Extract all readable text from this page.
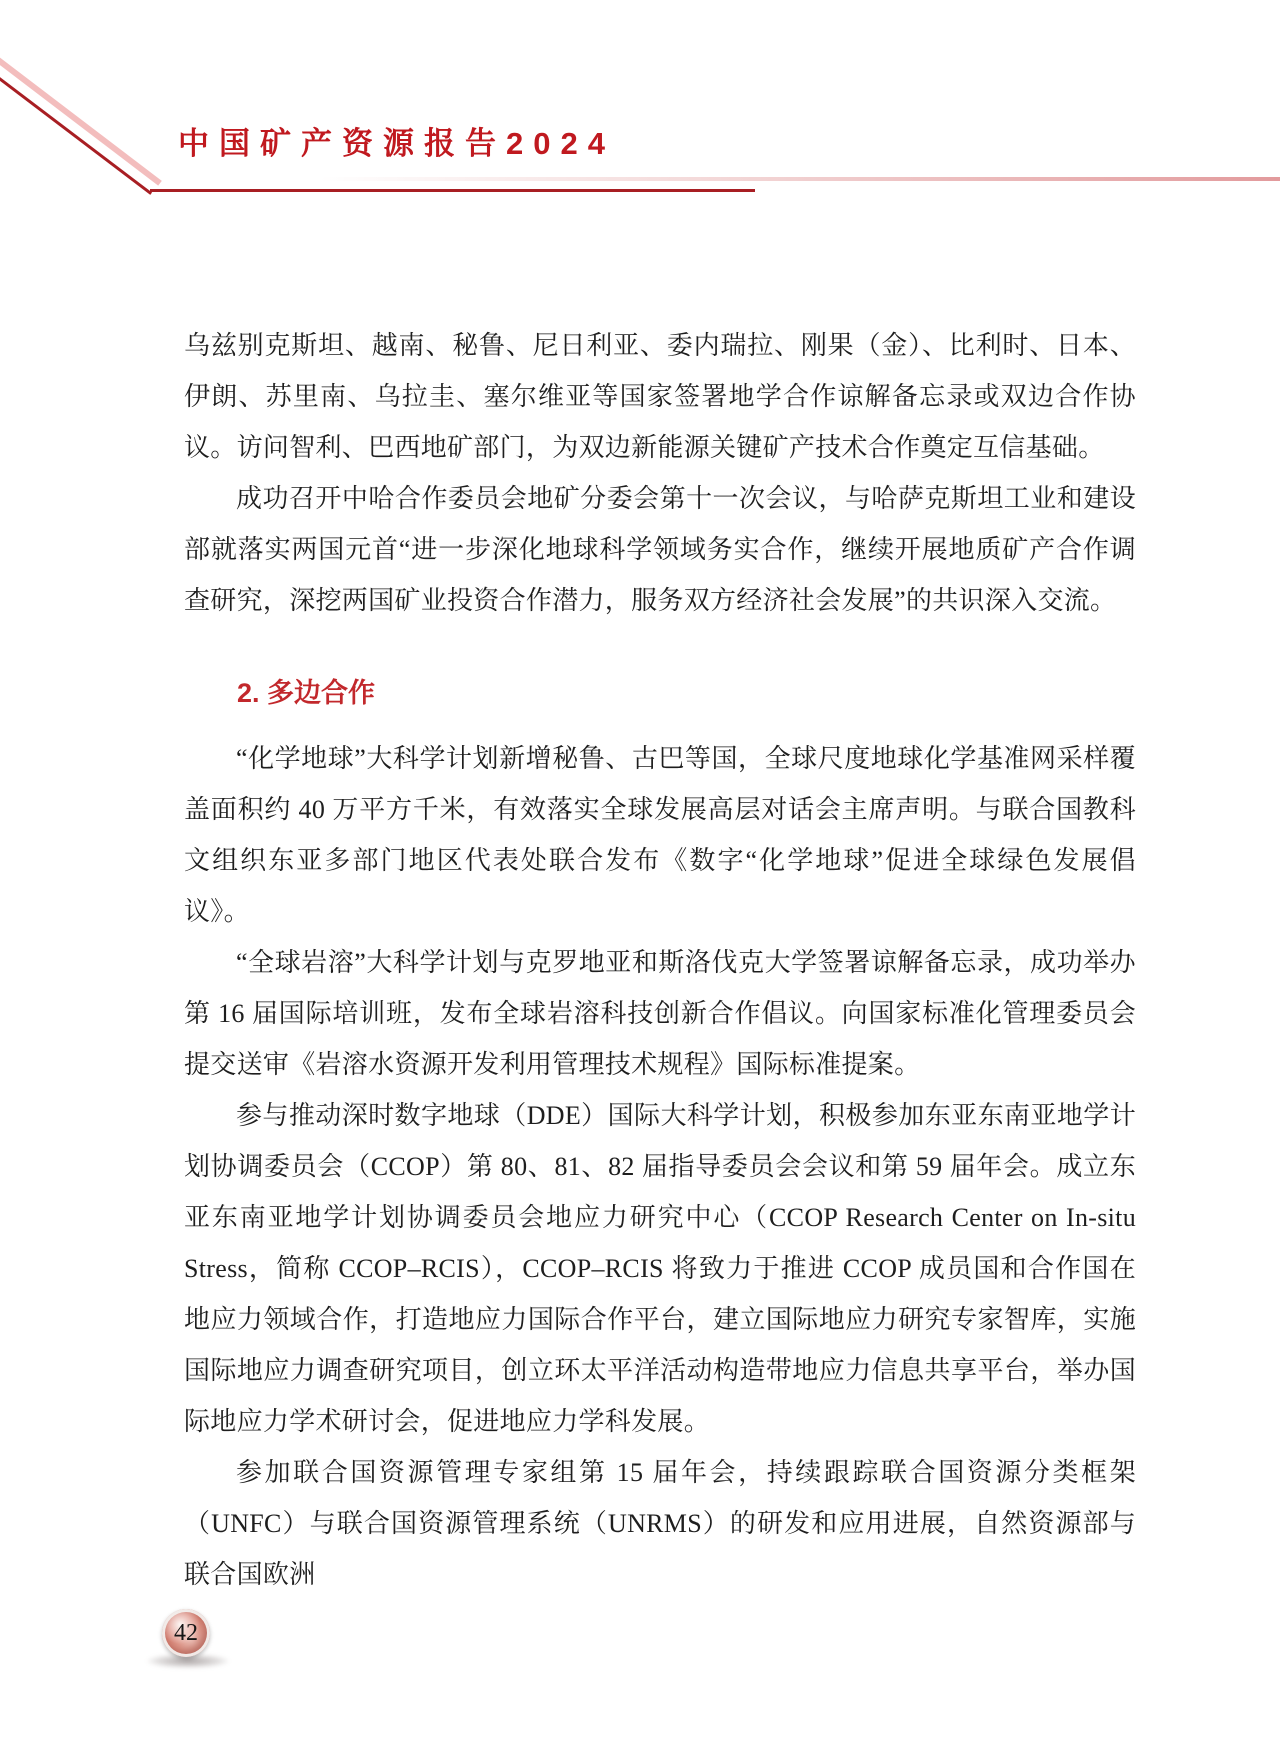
中国矿产资源报告2024

乌兹别克斯坦、越南、秘鲁、尼日利亚、委内瑞拉、刚果（金）、比利时、日本、伊朗、苏里南、乌拉圭、塞尔维亚等国家签署地学合作谅解备忘录或双边合作协议。访问智利、巴西地矿部门，为双边新能源关键矿产技术合作奠定互信基础。

成功召开中哈合作委员会地矿分委会第十一次会议，与哈萨克斯坦工业和建设部就落实两国元首“进一步深化地球科学领域务实合作，继续开展地质矿产合作调查研究，深挖两国矿业投资合作潜力，服务双方经济社会发展”的共识深入交流。

2. 多边合作

“化学地球”大科学计划新增秘鲁、古巴等国，全球尺度地球化学基准网采样覆盖面积约 40 万平方千米，有效落实全球发展高层对话会主席声明。与联合国教科文组织东亚多部门地区代表处联合发布《数字“化学地球”促进全球绿色发展倡议》。

“全球岩溶”大科学计划与克罗地亚和斯洛伐克大学签署谅解备忘录，成功举办第 16 届国际培训班，发布全球岩溶科技创新合作倡议。向国家标准化管理委员会提交送审《岩溶水资源开发利用管理技术规程》国际标准提案。

参与推动深时数字地球（DDE）国际大科学计划，积极参加东亚东南亚地学计划协调委员会（CCOP）第 80、81、82 届指导委员会会议和第 59 届年会。成立东亚东南亚地学计划协调委员会地应力研究中心（CCOP Research Center on In-situ Stress，简称 CCOP–RCIS），CCOP–RCIS 将致力于推进 CCOP 成员国和合作国在地应力领域合作，打造地应力国际合作平台，建立国际地应力研究专家智库，实施国际地应力调查研究项目，创立环太平洋活动构造带地应力信息共享平台，举办国际地应力学术研讨会，促进地应力学科发展。

参加联合国资源管理专家组第 15 届年会，持续跟踪联合国资源分类框架（UNFC）与联合国资源管理系统（UNRMS）的研发和应用进展，自然资源部与联合国欧洲

42
